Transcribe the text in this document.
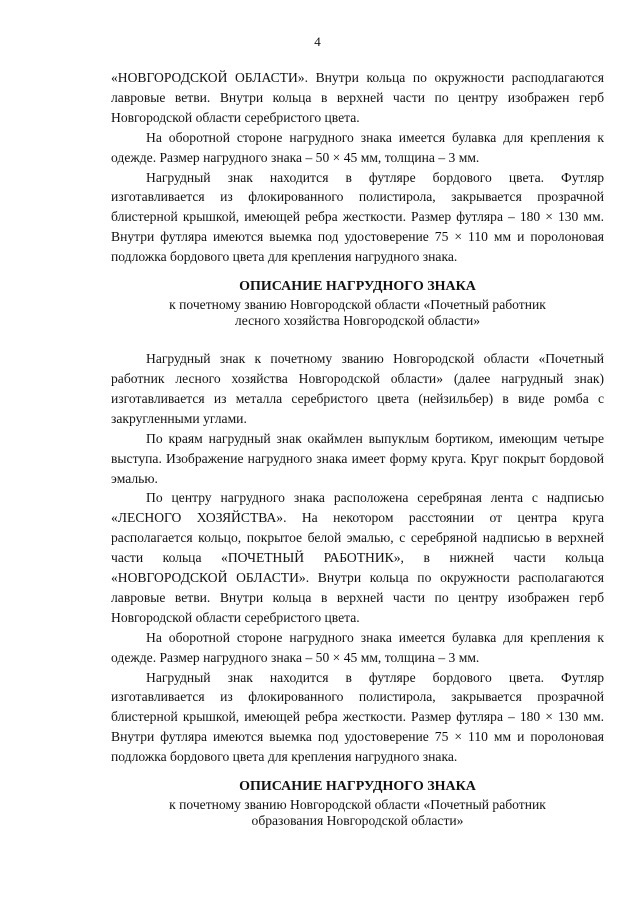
4

«НОВГОРОДСКОЙ ОБЛАСТИ». Внутри кольца по окружности расподлагаются лавровые ветви. Внутри кольца в верхней части по центру изображен герб Новгородской области серебристого цвета.

На оборотной стороне нагрудного знака имеется булавка для крепления к одежде. Размер нагрудного знака – 50 × 45 мм, толщина – 3 мм.

Нагрудный знак находится в футляре бордового цвета. Футляр изготавливается из флокированного полистирола, закрывается прозрачной блистерной крышкой, имеющей ребра жесткости. Размер футляра – 180 × 130 мм. Внутри футляра имеются выемка под удостоверение 75 × 110 мм и поролоновая подложка бордового цвета для крепления нагрудного знака.

ОПИСАНИЕ НАГРУДНОГО ЗНАКА

к почетному званию Новгородской области «Почетный работник
лесного хозяйства Новгородской области»

Нагрудный знак к почетному званию Новгородской области «Почетный работник лесного хозяйства Новгородской области» (далее нагрудный знак) изготавливается из металла серебристого цвета (нейзильбер) в виде ромба с закругленными углами.

По краям нагрудный знак окаймлен выпуклым бортиком, имеющим четыре выступа. Изображение нагрудного знака имеет форму круга. Круг покрыт бордовой эмалью.

По центру нагрудного знака расположена серебряная лента с надписью «ЛЕСНОГО ХОЗЯЙСТВА». На некотором расстоянии от центра круга располагается кольцо, покрытое белой эмалью, с серебряной надписью в верхней части кольца «ПОЧЕТНЫЙ РАБОТНИК», в нижней части кольца «НОВГОРОДСКОЙ ОБЛАСТИ». Внутри кольца по окружности располагаются лавровые ветви. Внутри кольца в верхней части по центру изображен герб Новгородской области серебристого цвета.

На оборотной стороне нагрудного знака имеется булавка для крепления к одежде. Размер нагрудного знака – 50 × 45 мм, толщина – 3 мм.

Нагрудный знак находится в футляре бордового цвета. Футляр изготавливается из флокированного полистирола, закрывается прозрачной блистерной крышкой, имеющей ребра жесткости. Размер футляра – 180 × 130 мм. Внутри футляра имеются выемка под удостоверение 75 × 110 мм и поролоновая подложка бордового цвета для крепления нагрудного знака.

ОПИСАНИЕ НАГРУДНОГО ЗНАКА

к почетному званию Новгородской области «Почетный работник
образования Новгородской области»
